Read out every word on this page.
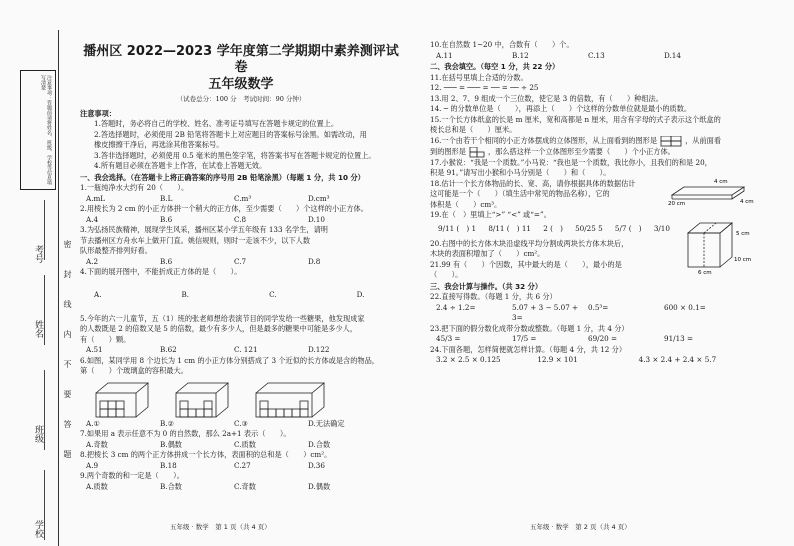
注意事项：答题前请将姓名、班级、学校等信息填写清楚
考号
姓名
班级
学校
密
封
线
内
不
要
答
题
播州区 2022—2023 学年度第二学期期中素养测评试卷
五年级数学
（试卷总分：100 分　考试时间：90 分钟）
注意事项：
1.答题时，务必将自己的学校、姓名、准考证号填写在答题卡规定的位置上。
2.答选择题时，必须使用 2B 铅笔将答题卡上对应题目的答案标号涂黑。如需改动，用
橡皮擦擦干净后，再选涂其他答案标号。
3.答非选择题时，必须使用 0.5 毫米的黑色签字笔，将答案书写在答题卡规定的位置上。
4.所有题目必须在答题卡上作答，在试卷上答题无效。
一、我会选择。（在答题卡上将正确答案的序号用 2B 铅笔涂黑）（每题 1 分，共 10 分）
1.一瓶纯净水大约有 20（　　）。
A.mL	B.L	C.m³	D.cm³
2.用棱长为 2 cm 的小正方体拼一个稍大的正方体，至少需要（　　）个这样的小正方体。
A.4	B.6	C.8	D.10
3.为弘扬民族精神，展现学生风采，播州区某小学五年级有 133 名学生，请明
节去播州区方舟水车上做开门直。姚信规则，则时一走该不少，以下人数
队形最整齐排列好看。
A.2	B.6	C.7	D.8
4.下面的展开图中，不能折成正方体的是（　　）。
A.	B.	C.	D.
5.今年的六一儿童节，五（1）班的张老师想给表演节目的同学发给一些糖果，他发现成家
的人数既是 2 的倍数又是 5 的倍数，最少有多少人，但是最多的糖果中可能是多少人，
有（　　）颗。
A.51	B.62	C. 121	D.122
6.如图，某同学用 8 个边长为 1 cm 的小正方体分别搭成了 3 个近似的长方体或是含的物品，
第（　　）个玻璃盒的容积最大。
A.①	B.②	C.③	D.无法确定
7.如果用 a 表示任意不为 0 的自然数，那么 2a+1 表示（　　）。
A.奇数	B.偶数	C.质数	D.合数
8.把棱长 3 cm 的两个正方体拼成一个长方体，表面积的总和是（　　）cm²。
A.9	B.18	C.27	D.36
9.两个奇数的和一定是（　　）。
A.质数	B.合数	C.奇数	D.偶数
10.在自然数 1~20 中，合数有（　　）个。
A.11	B.12	C.13	D.14
二、我会填空。（每空 1 分，共 22 分）
11.在括号里填上合适的分数。
12. ─── = ─── = ── = ── ÷ 25
13.用 2、7、9 组成一个三位数，使它是 3 的倍数，有（　　）种组法。
14. ─ 的分数单位是（　　），再添上（　　）个这样的分数单位就是最小的质数。
15.一个长方体纸盒的长是 m 厘米，宽和高都是 n 厘米，用含有字母的式子表示这个纸盒的
棱长总和是（　　）厘米。
16.一个由若干个相同的小正方体摆成的立体图形，从上面看到的图形是	，从前面看
到的图形是	，那么搭这样一个立体图形至少需要（　　）个小正方体。
17.小猴说：“我是一个质数。”小马说：“我也是一个质数，我比你小，且我们的和是 20，
积是 91。”请写出小猴和小马分别是（　　）和（　　）。
18.估计一个长方体物品的长、宽、高，请你根据具体的数据估计
这可能是一个（　　）（填生活中常见的物品名称），它的
体积是（　　）cm³。	20 cm
4 cm
4 cm
19.在（　）里填上“>” “<” 或“=”。
9/11 (　) 1 8/11 (　) 11 2 (　) 50/25 5 5/7 (　) 3/10
5 cm
10 cm
6 cm
20.右图中的长方体木块沿虚线平均分割成两块长方体木块后，
木块的表面积增加了（　　）cm²。
21.99 有（　　）个因数，其中最大的是（　　），最小的是
（　　）。
三、我会计算与操作。（共 32 分）
22.直接写得数。（每题 1 分，共 6 分）
2.4 ÷ 1.2=	5.07 + 3 − 5.07 + 3=
0.5³=	600 × 0.1=
23.把下面的假分数化成带分数或整数。（每题 1 分，共 4 分）
45/3 =	17/5 =	69/20 =	91/13 =
24.下面各题，怎样简便就怎样计算。（每题 4 分，共 12 分）
3.2 × 2.5 × 0.125	12.9 × 101	4.3 × 2.4 + 2.4 × 5.7
五年级 · 数学　第 1 页（共 4 页）	五年级 · 数学　第 2 页（共 4 页）
